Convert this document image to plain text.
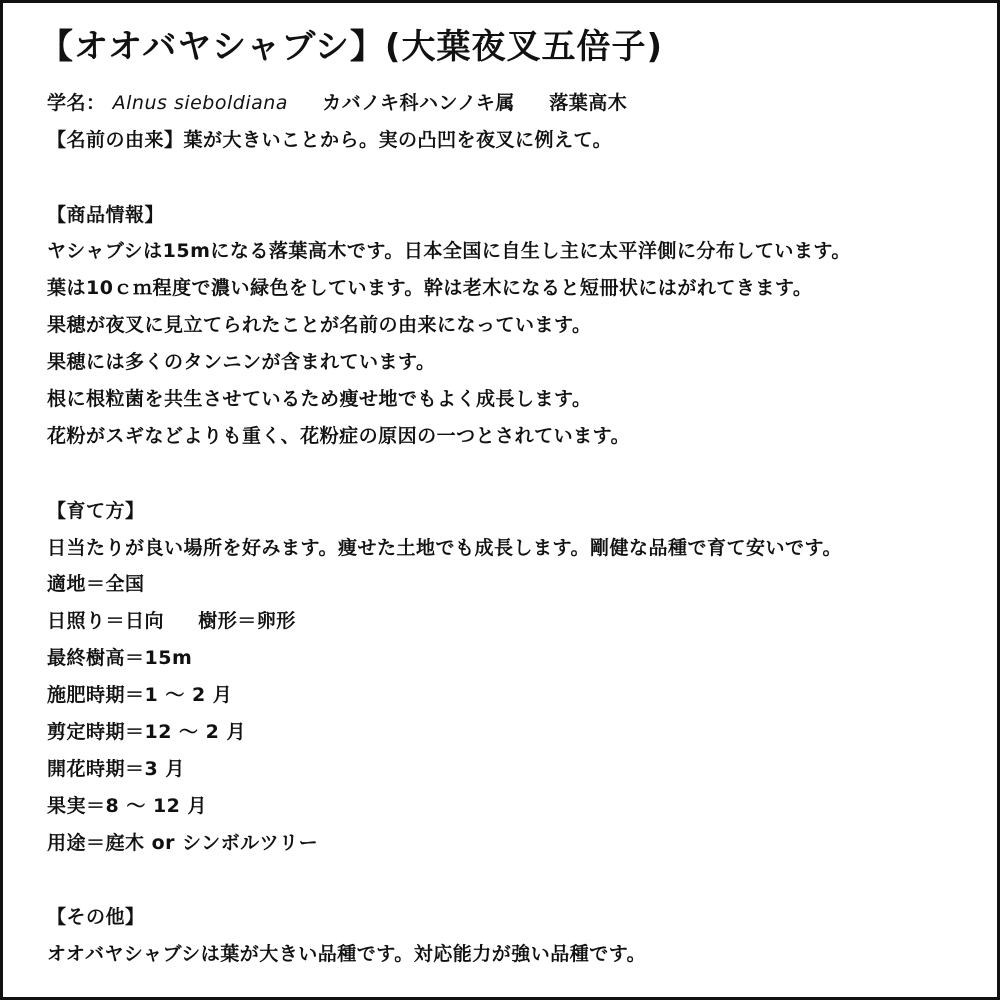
【オオバヤシャブシ】(大葉夜叉五倍子)
学名： Alnus sieboldiana カバノキ科ハンノキ属 落葉高木
【名前の由来】葉が大きいことから。実の凸凹を夜叉に例えて。
【商品情報】
ヤシャブシは15mになる落葉高木です。日本全国に自生し主に太平洋側に分布しています。
葉は10ｃｍ程度で濃い緑色をしています。幹は老木になると短冊状にはがれてきます。
果穂が夜叉に見立てられたことが名前の由来になっています。
果穂には多くのタンニンが含まれています。
根に根粒菌を共生させているため痩せ地でもよく成長します。
花粉がスギなどよりも重く、花粉症の原因の一つとされています。
【育て方】
日当たりが良い場所を好みます。痩せた土地でも成長します。剛健な品種で育て安いです。
適地＝全国
日照り＝日向 樹形＝卵形
最終樹高＝15m
施肥時期＝1 ～ 2 月
剪定時期＝12 ～ 2 月
開花時期＝3 月
果実＝8 ～ 12 月
用途＝庭木 or シンボルツリー
【その他】
オオバヤシャブシは葉が大きい品種です。対応能力が強い品種です。
